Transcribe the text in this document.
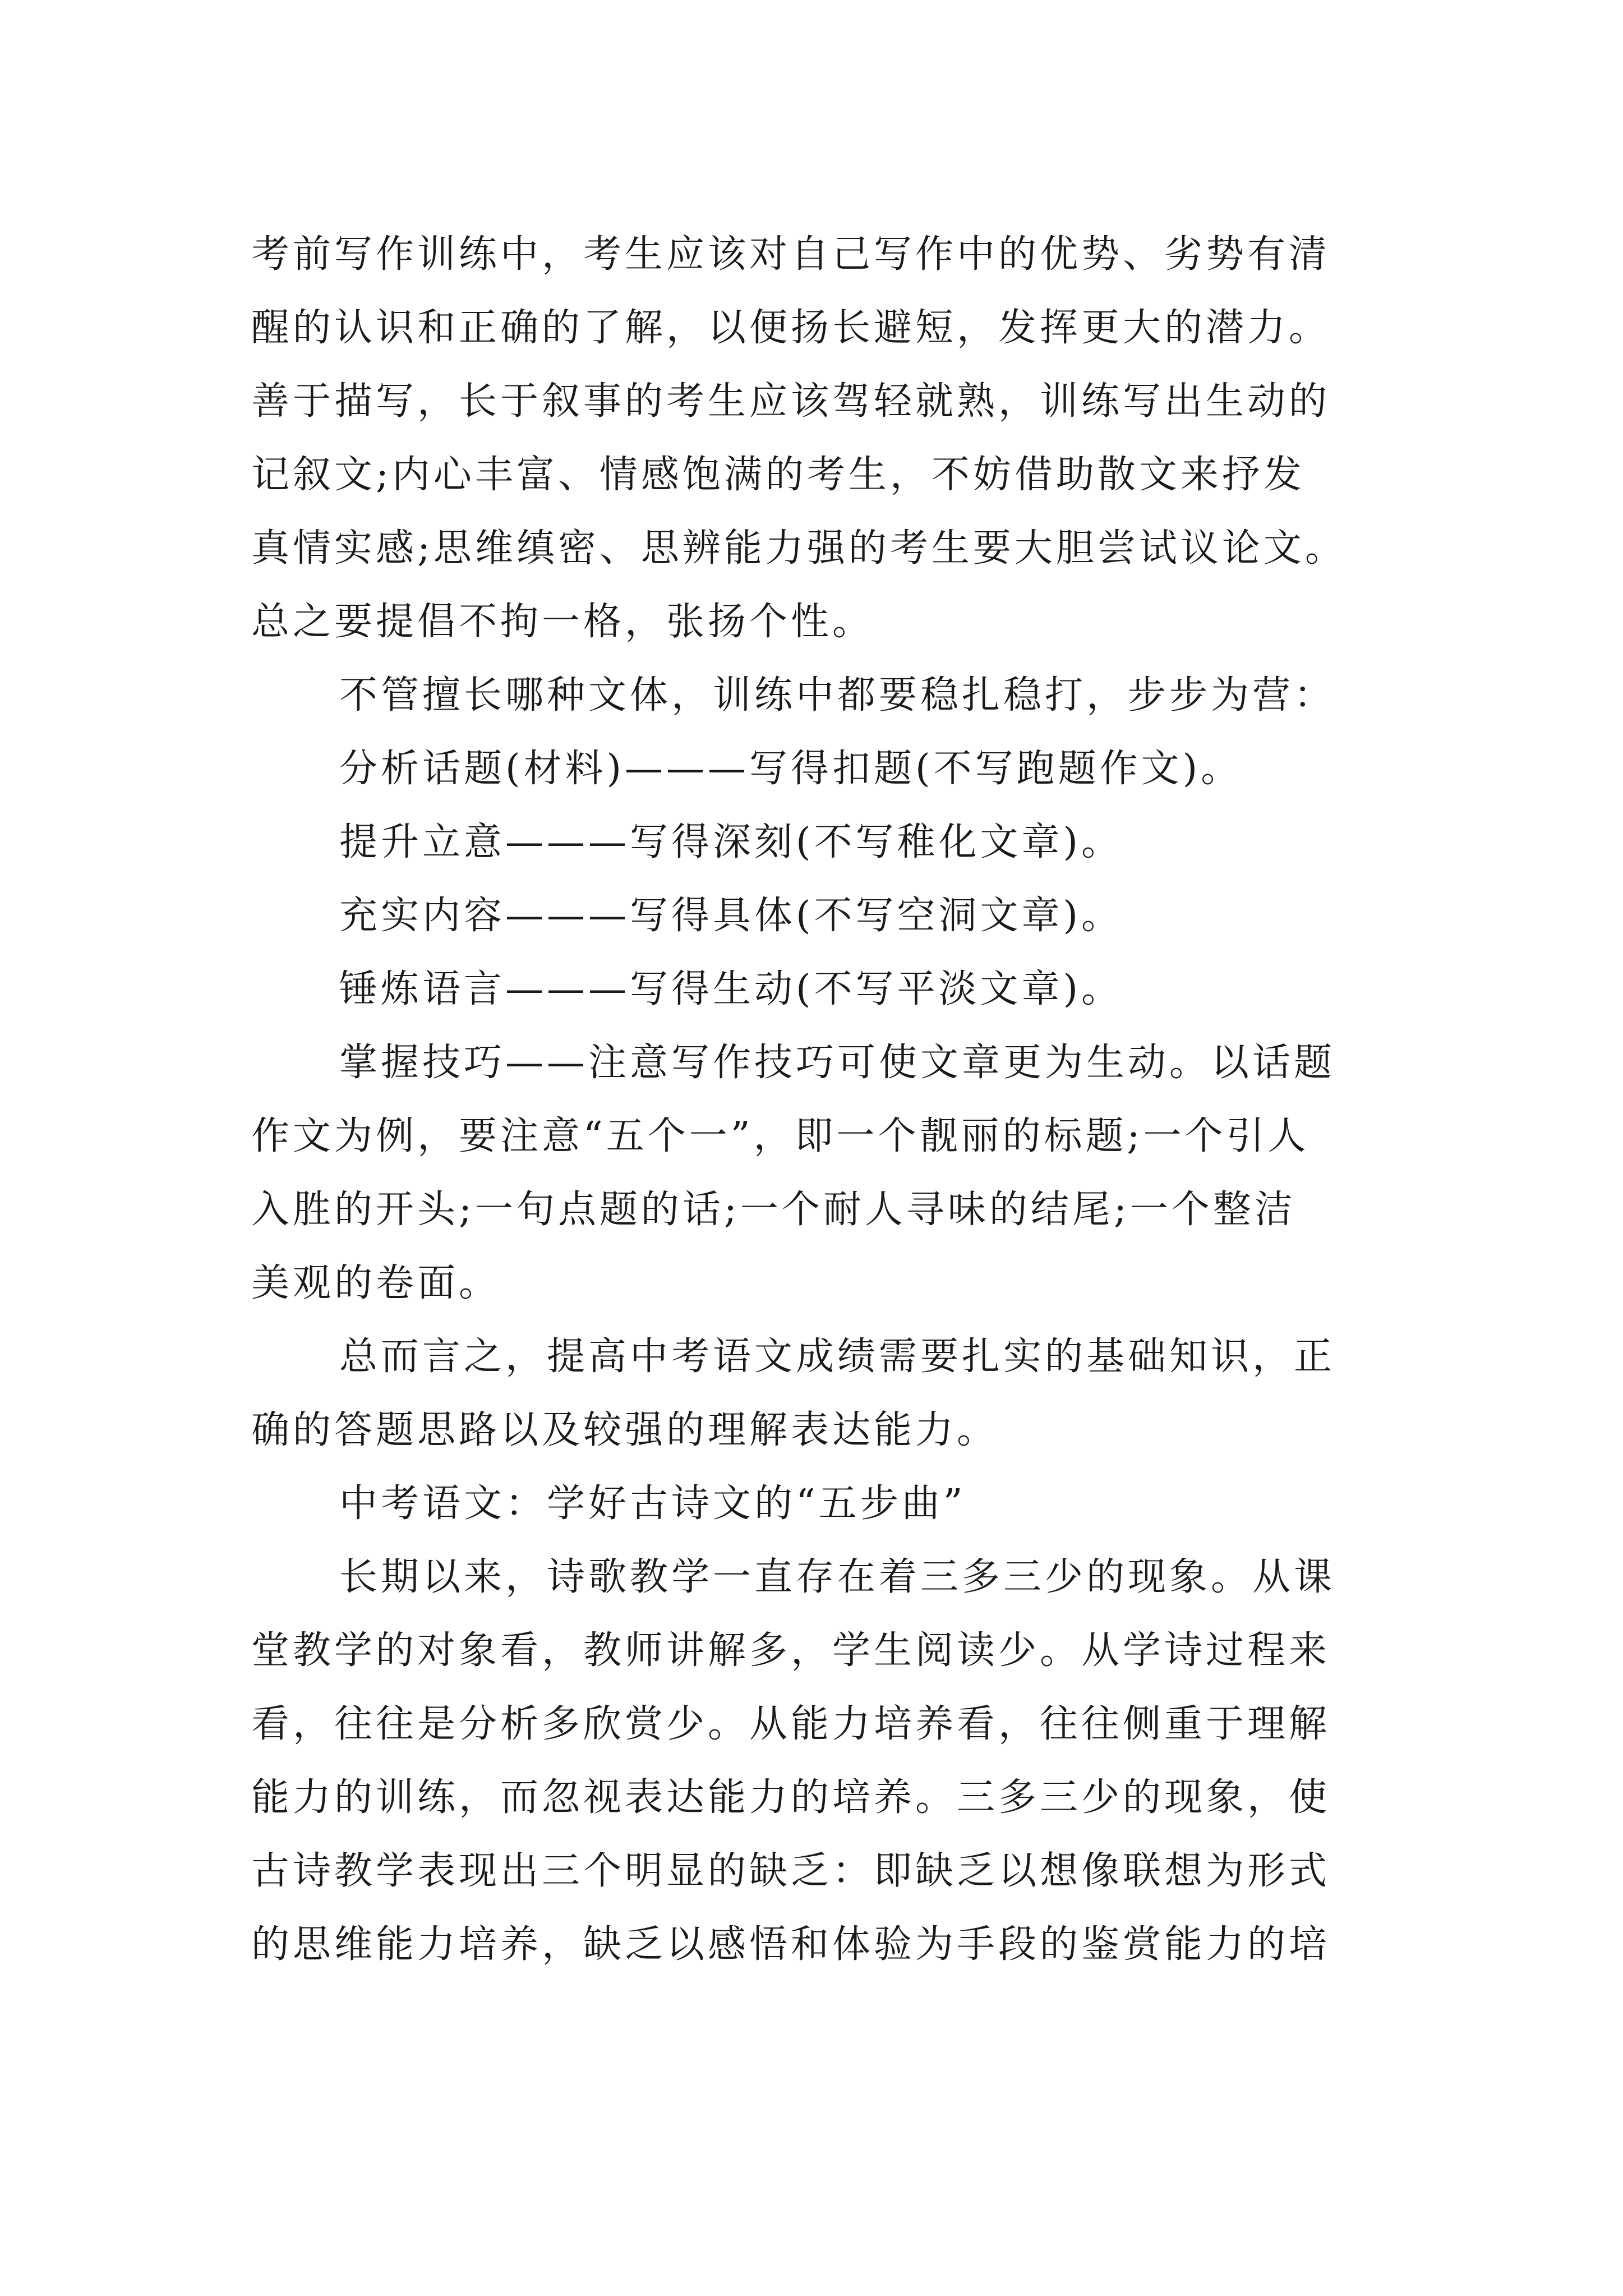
考前写作训练中，考生应该对自己写作中的优势、劣势有清
醒的认识和正确的了解，以便扬长避短，发挥更大的潜力。
善于描写，长于叙事的考生应该驾轻就熟，训练写出生动的
记叙文;内心丰富、情感饱满的考生，不妨借助散文来抒发
真情实感;思维缜密、思辨能力强的考生要大胆尝试议论文。
总之要提倡不拘一格，张扬个性。
不管擅长哪种文体，训练中都要稳扎稳打，步步为营：
分析话题(材料)———写得扣题(不写跑题作文)。
提升立意———写得深刻(不写稚化文章)。
充实内容———写得具体(不写空洞文章)。
锤炼语言———写得生动(不写平淡文章)。
掌握技巧——注意写作技巧可使文章更为生动。以话题
作文为例，要注意“五个一”，即一个靓丽的标题;一个引人
入胜的开头;一句点题的话;一个耐人寻味的结尾;一个整洁
美观的卷面。
总而言之，提高中考语文成绩需要扎实的基础知识，正
确的答题思路以及较强的理解表达能力。
中考语文：学好古诗文的“五步曲”
长期以来，诗歌教学一直存在着三多三少的现象。从课
堂教学的对象看，教师讲解多，学生阅读少。从学诗过程来
看，往往是分析多欣赏少。从能力培养看，往往侧重于理解
能力的训练，而忽视表达能力的培养。三多三少的现象，使
古诗教学表现出三个明显的缺乏：即缺乏以想像联想为形式
的思维能力培养，缺乏以感悟和体验为手段的鉴赏能力的培
